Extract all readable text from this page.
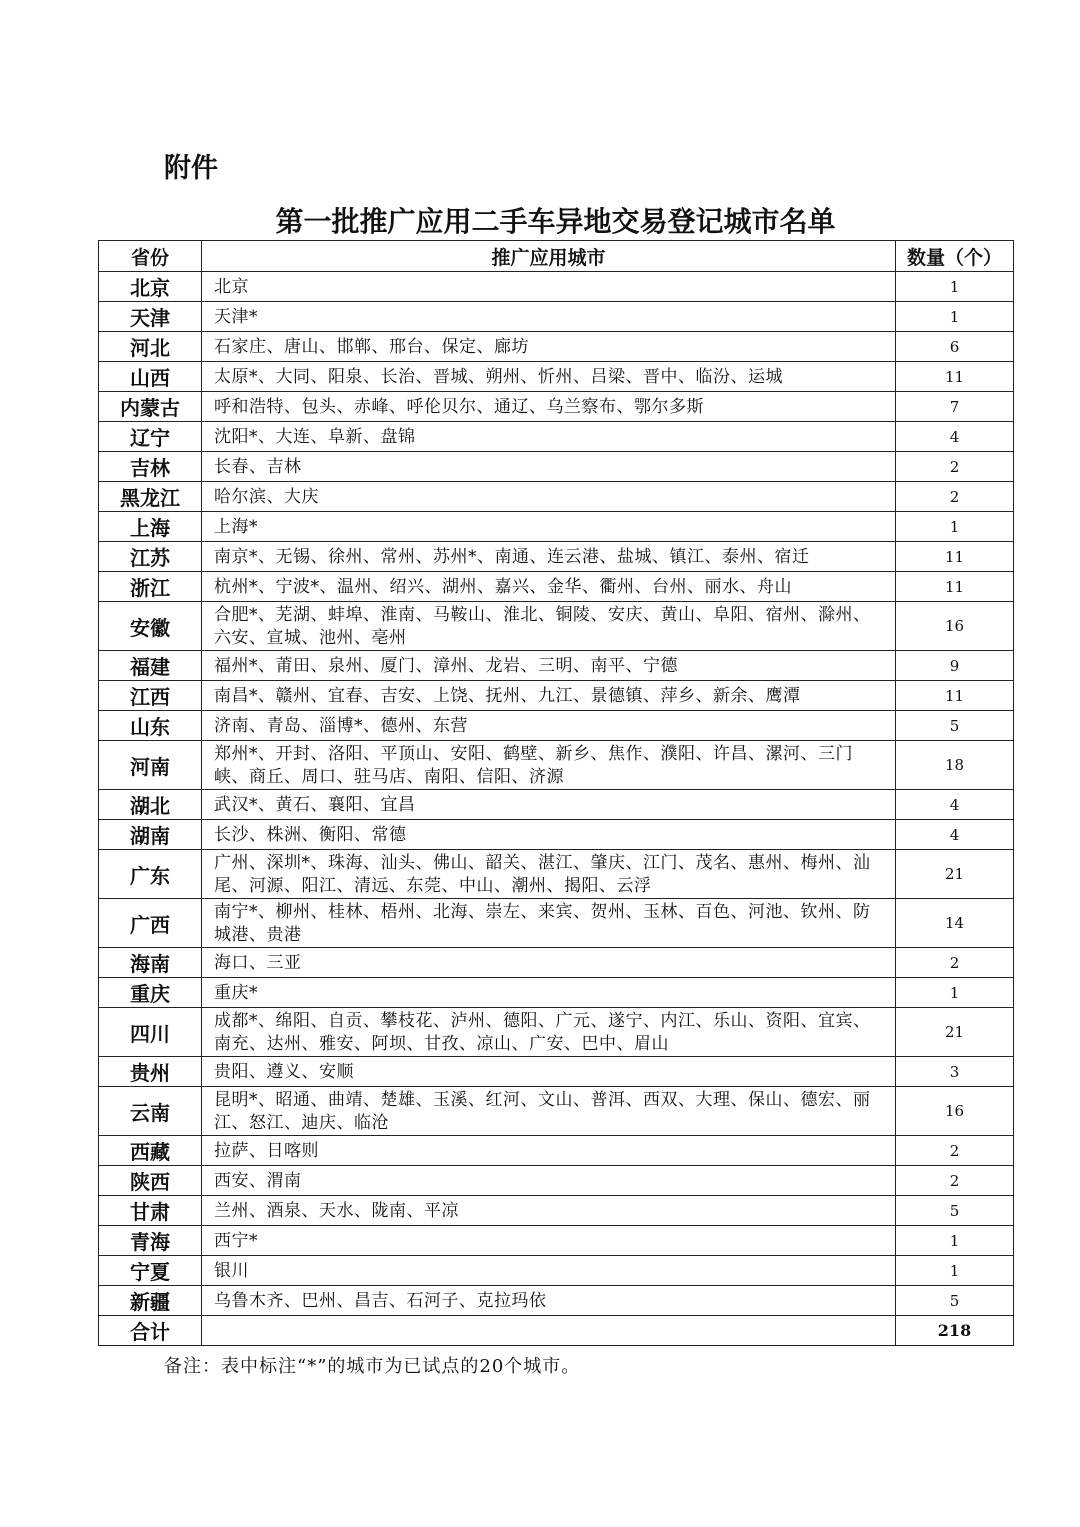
附件
第一批推广应用二手车异地交易登记城市名单
省份	推广应用城市	数量（个）
北京	北京	1
天津	天津*	1
河北	石家庄、唐山、邯郸、邢台、保定、廊坊	6
山西	太原*、大同、阳泉、长治、晋城、朔州、忻州、吕梁、晋中、临汾、运城	11
内蒙古	呼和浩特、包头、赤峰、呼伦贝尔、通辽、乌兰察布、鄂尔多斯	7
辽宁	沈阳*、大连、阜新、盘锦	4
吉林	长春、吉林	2
黑龙江	哈尔滨、大庆	2
上海	上海*	1
江苏	南京*、无锡、徐州、常州、苏州*、南通、连云港、盐城、镇江、泰州、宿迁	11
浙江	杭州*、宁波*、温州、绍兴、湖州、嘉兴、金华、衢州、台州、丽水、舟山	11
安徽	合肥*、芜湖、蚌埠、淮南、马鞍山、淮北、铜陵、安庆、黄山、阜阳、宿州、滁州、六安、宣城、池州、亳州	16
福建	福州*、莆田、泉州、厦门、漳州、龙岩、三明、南平、宁德	9
江西	南昌*、赣州、宜春、吉安、上饶、抚州、九江、景德镇、萍乡、新余、鹰潭	11
山东	济南、青岛、淄博*、德州、东营	5
河南	郑州*、开封、洛阳、平顶山、安阳、鹤壁、新乡、焦作、濮阳、许昌、漯河、三门峡、商丘、周口、驻马店、南阳、信阳、济源	18
湖北	武汉*、黄石、襄阳、宜昌	4
湖南	长沙、株洲、衡阳、常德	4
广东	广州、深圳*、珠海、汕头、佛山、韶关、湛江、肇庆、江门、茂名、惠州、梅州、汕尾、河源、阳江、清远、东莞、中山、潮州、揭阳、云浮	21
广西	南宁*、柳州、桂林、梧州、北海、崇左、来宾、贺州、玉林、百色、河池、钦州、防城港、贵港	14
海南	海口、三亚	2
重庆	重庆*	1
四川	成都*、绵阳、自贡、攀枝花、泸州、德阳、广元、遂宁、内江、乐山、资阳、宜宾、南充、达州、雅安、阿坝、甘孜、凉山、广安、巴中、眉山	21
贵州	贵阳、遵义、安顺	3
云南	昆明*、昭通、曲靖、楚雄、玉溪、红河、文山、普洱、西双、大理、保山、德宏、丽江、怒江、迪庆、临沧	16
西藏	拉萨、日喀则	2
陕西	西安、渭南	2
甘肃	兰州、酒泉、天水、陇南、平凉	5
青海	西宁*	1
宁夏	银川	1
新疆	乌鲁木齐、巴州、昌吉、石河子、克拉玛依	5
合计		218
备注：表中标注“*”的城市为已试点的20个城市。
